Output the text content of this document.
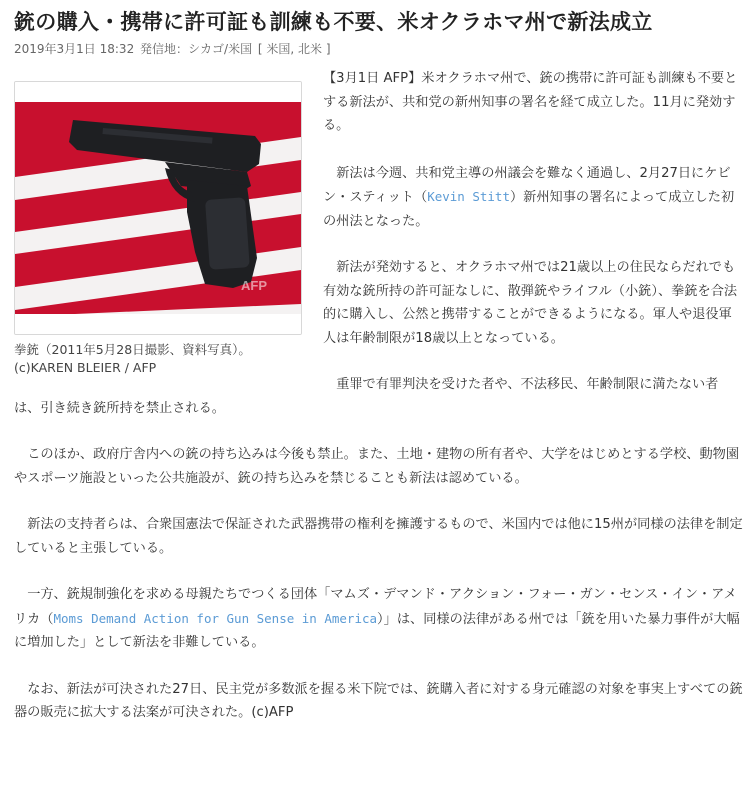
銃の購入・携帯に許可証も訓練も不要、米オクラホマ州で新法成立
2019年3月1日 18:32 発信地：シカゴ/米国 [ 米国, 北米 ]
AFP
拳銃（2011年5月28日撮影、資料写真）。
(c)KAREN BLEIER / AFP

【3月1日 AFP】米オクラホマ州で、銃の携帯に許可証も訓練も不要とする新法が、共和党の新州知事の署名を経て成立した。11月に発効する。

　新法は今週、共和党主導の州議会を難なく通過し、2月27日にケビン・スティット（Kevin Stitt）新州知事の署名によって成立した初の州法となった。

　新法が発効すると、オクラホマ州では21歳以上の住民ならだれでも有効な銃所持の許可証なしに、散弾銃やライフル（小銃）、拳銃を合法的に購入し、公然と携帯することができるようになる。軍人や退役軍人は年齢制限が18歳以上となっている。

　重罪で有罪判決を受けた者や、不法移民、年齢制限に満たない者は、引き続き銃所持を禁止される。

　このほか、政府庁舎内への銃の持ち込みは今後も禁止。また、土地・建物の所有者や、大学をはじめとする学校、動物園やスポーツ施設といった公共施設が、銃の持ち込みを禁じることも新法は認めている。

　新法の支持者らは、合衆国憲法で保証された武器携帯の権利を擁護するもので、米国内では他に15州が同様の法律を制定していると主張している。

　一方、銃規制強化を求める母親たちでつくる団体「マムズ・デマンド・アクション・フォー・ガン・センス・イン・アメリカ（Moms Demand Action for Gun Sense in America）」は、同様の法律がある州では「銃を用いた暴力事件が大幅に増加した」として新法を非難している。

　なお、新法が可決された27日、民主党が多数派を握る米下院では、銃購入者に対する身元確認の対象を事実上すべての銃器の販売に拡大する法案が可決された。(c)AFP
